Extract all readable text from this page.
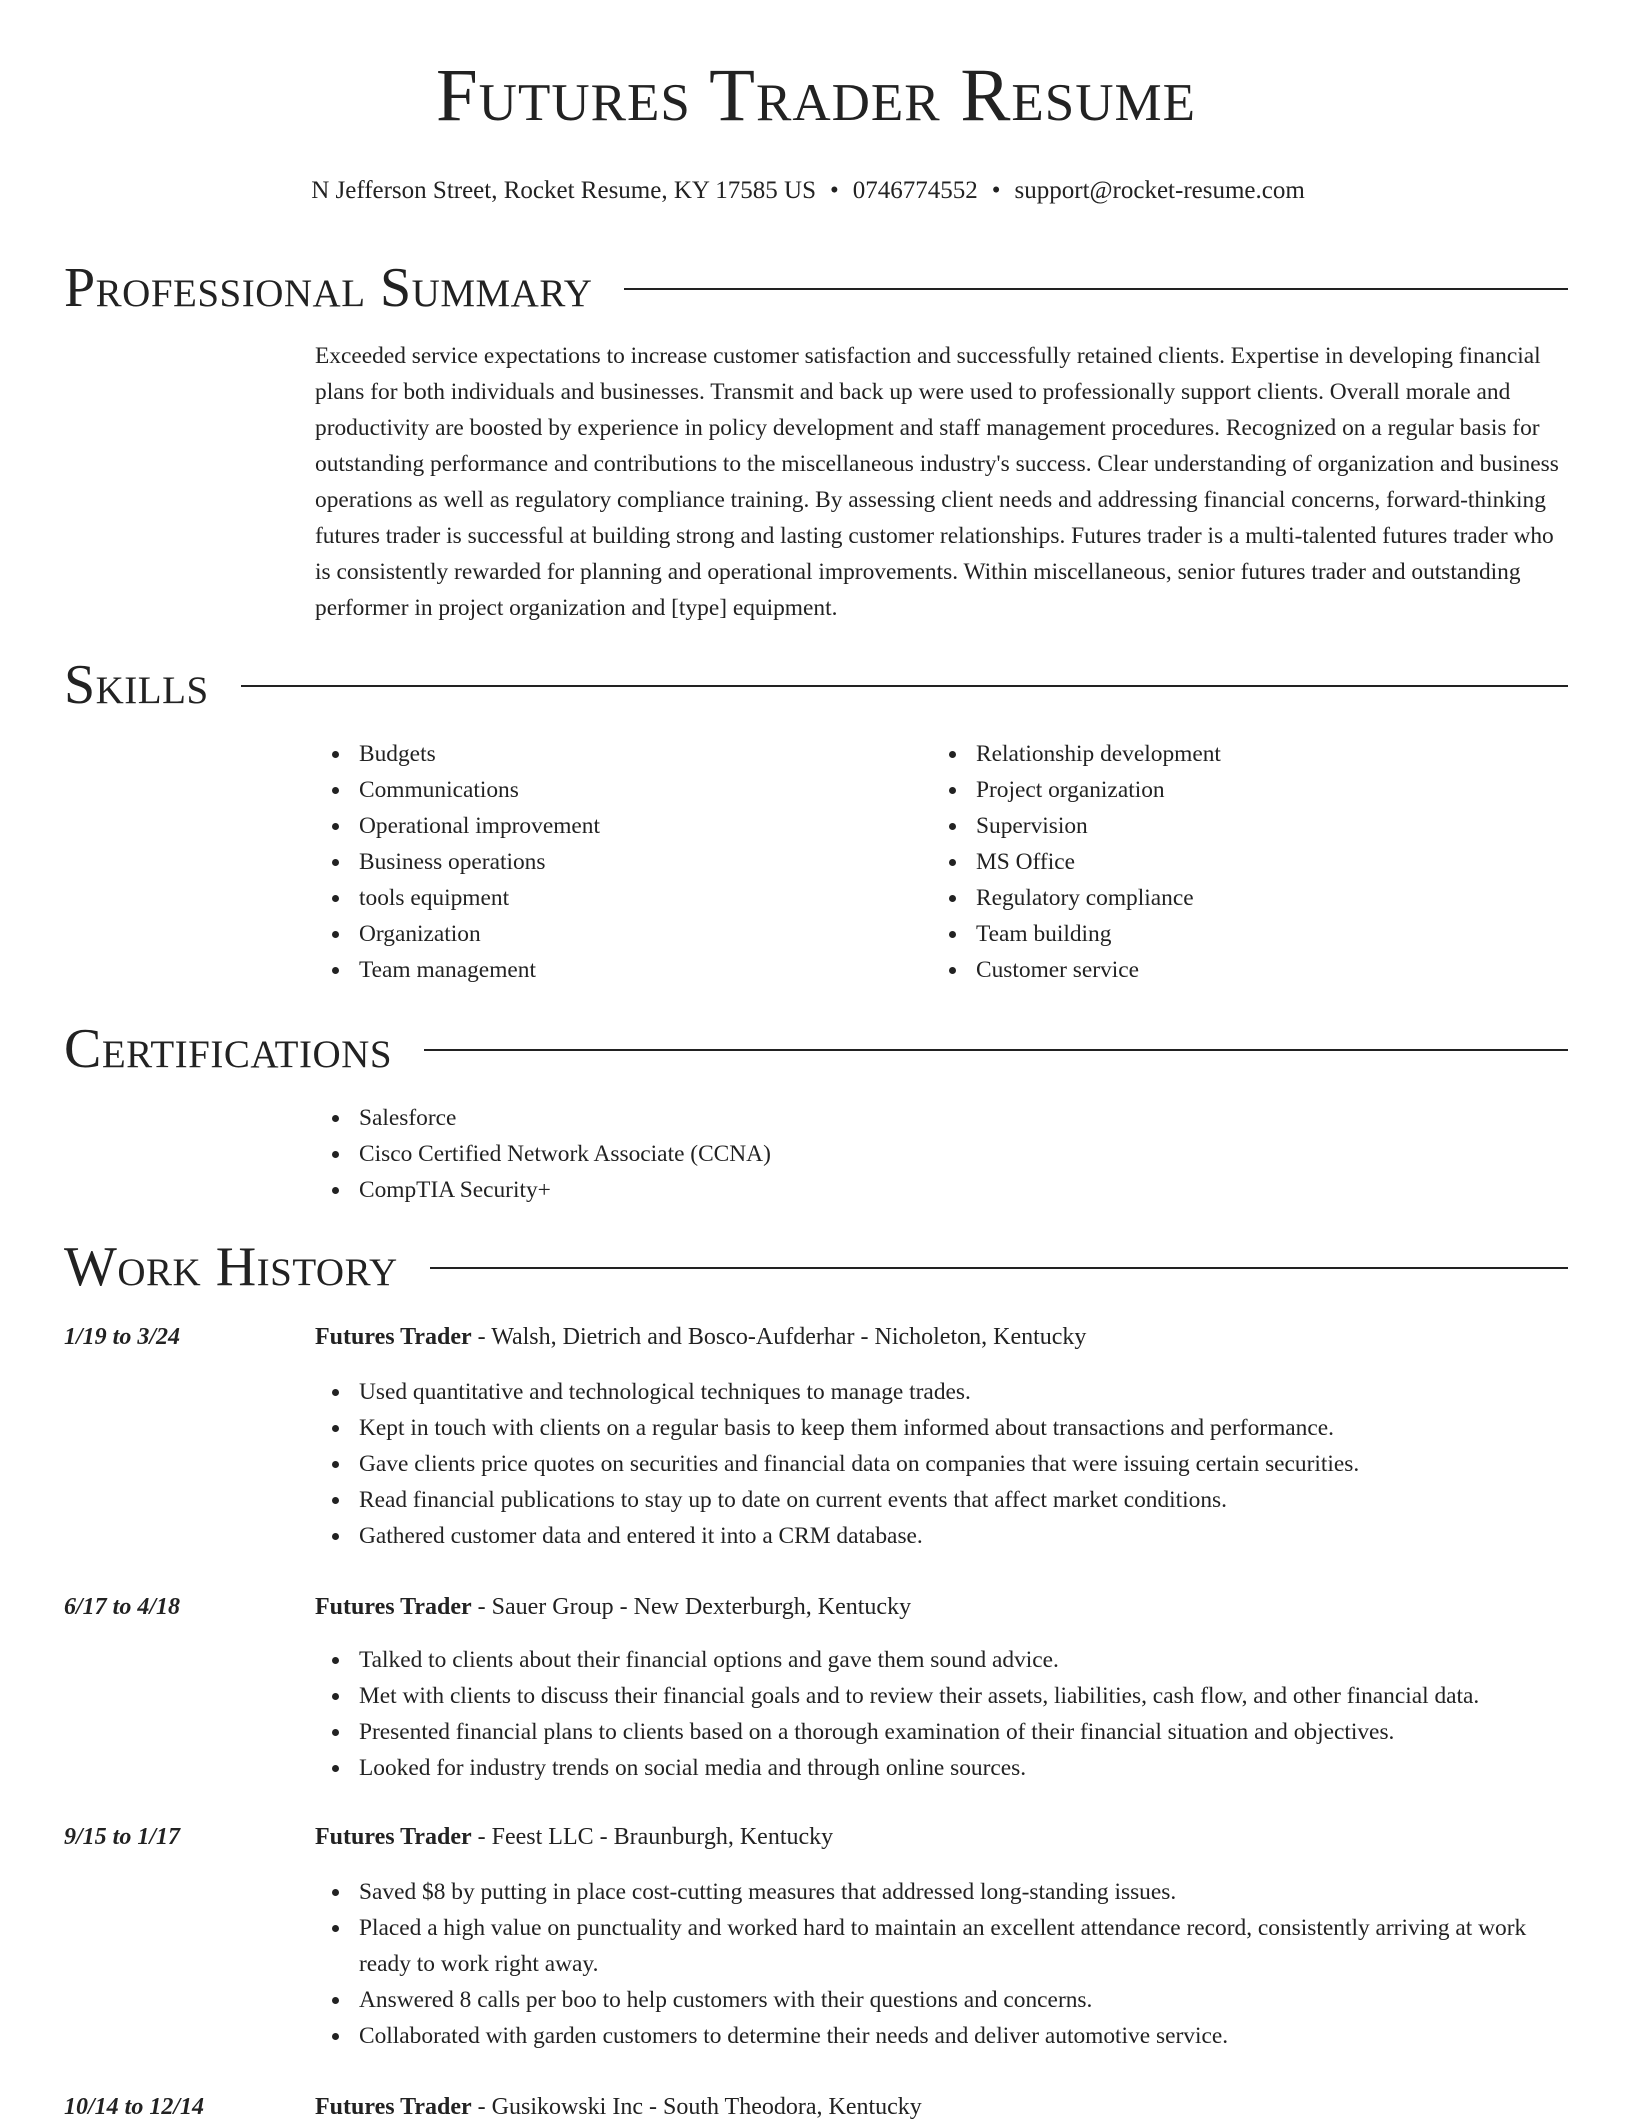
Futures Trader Resume
N Jefferson Street, Rocket Resume, KY 17585 US • 0746774552 • support@rocket-resume.com
Professional Summary

Exceeded service expectations to increase customer satisfaction and successfully retained clients. Expertise in developing financial plans for both individuals and businesses. Transmit and back up were used to professionally support clients. Overall morale and productivity are boosted by experience in policy development and staff management procedures. Recognized on a regular basis for outstanding performance and contributions to the miscellaneous industry's success. Clear understanding of organization and business operations as well as regulatory compliance training. By assessing client needs and addressing financial concerns, forward-thinking futures trader is successful at building strong and lasting customer relationships. Futures trader is a multi-talented futures trader who is consistently rewarded for planning and operational improvements. Within miscellaneous, senior futures trader and outstanding performer in project organization and [type] equipment.

Skills
Budgets
Communications
Operational improvement
Business operations
tools equipment
Organization
Team management
Relationship development
Project organization
Supervision
MS Office
Regulatory compliance
Team building
Customer service
Certifications
Salesforce
Cisco Certified Network Associate (CCNA)
CompTIA Security+
Work History
1/19 to 3/24	Futures Trader - Walsh, Dietrich and Bosco-Aufderhar - Nicholeton, Kentucky
Used quantitative and technological techniques to manage trades.
Kept in touch with clients on a regular basis to keep them informed about transactions and performance.
Gave clients price quotes on securities and financial data on companies that were issuing certain securities.
Read financial publications to stay up to date on current events that affect market conditions.
Gathered customer data and entered it into a CRM database.
6/17 to 4/18	Futures Trader - Sauer Group - New Dexterburgh, Kentucky
Talked to clients about their financial options and gave them sound advice.
Met with clients to discuss their financial goals and to review their assets, liabilities, cash flow, and other financial data.
Presented financial plans to clients based on a thorough examination of their financial situation and objectives.
Looked for industry trends on social media and through online sources.
9/15 to 1/17	Futures Trader - Feest LLC - Braunburgh, Kentucky
Saved $8 by putting in place cost-cutting measures that addressed long-standing issues.
Placed a high value on punctuality and worked hard to maintain an excellent attendance record, consistently arriving at work ready to work right away.
Answered 8 calls per boo to help customers with their questions and concerns.
Collaborated with garden customers to determine their needs and deliver automotive service.
10/14 to 12/14	Futures Trader - Gusikowski Inc - South Theodora, Kentucky
